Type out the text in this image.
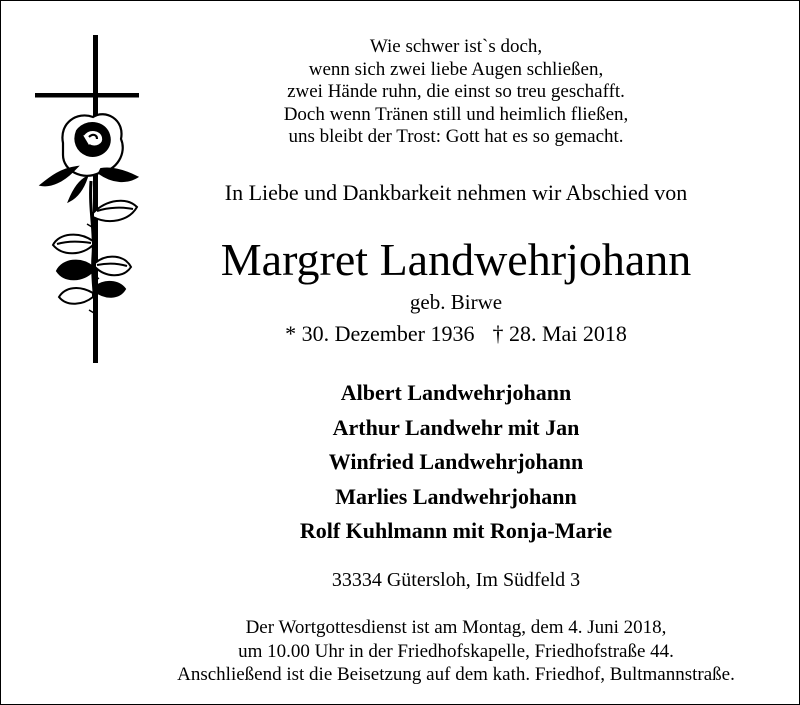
Wie schwer ist`s doch,
wenn sich zwei liebe Augen schließen,
zwei Hände ruhn, die einst so treu geschafft.
Doch wenn Tränen still und heimlich fließen,
uns bleibt der Trost: Gott hat es so gemacht.
In Liebe und Dankbarkeit nehmen wir Abschied von
Margret Landwehrjohann
geb. Birwe
* 30. Dezember 1936 † 28. Mai 2018
Albert Landwehrjohann
Arthur Landwehr mit Jan
Winfried Landwehrjohann
Marlies Landwehrjohann
Rolf Kuhlmann mit Ronja-Marie
33334 Gütersloh, Im Südfeld 3
Der Wortgottesdienst ist am Montag, dem 4. Juni 2018,
um 10.00 Uhr in der Friedhofskapelle, Friedhofstraße 44.
Anschließend ist die Beisetzung auf dem kath. Friedhof, Bultmannstraße.
